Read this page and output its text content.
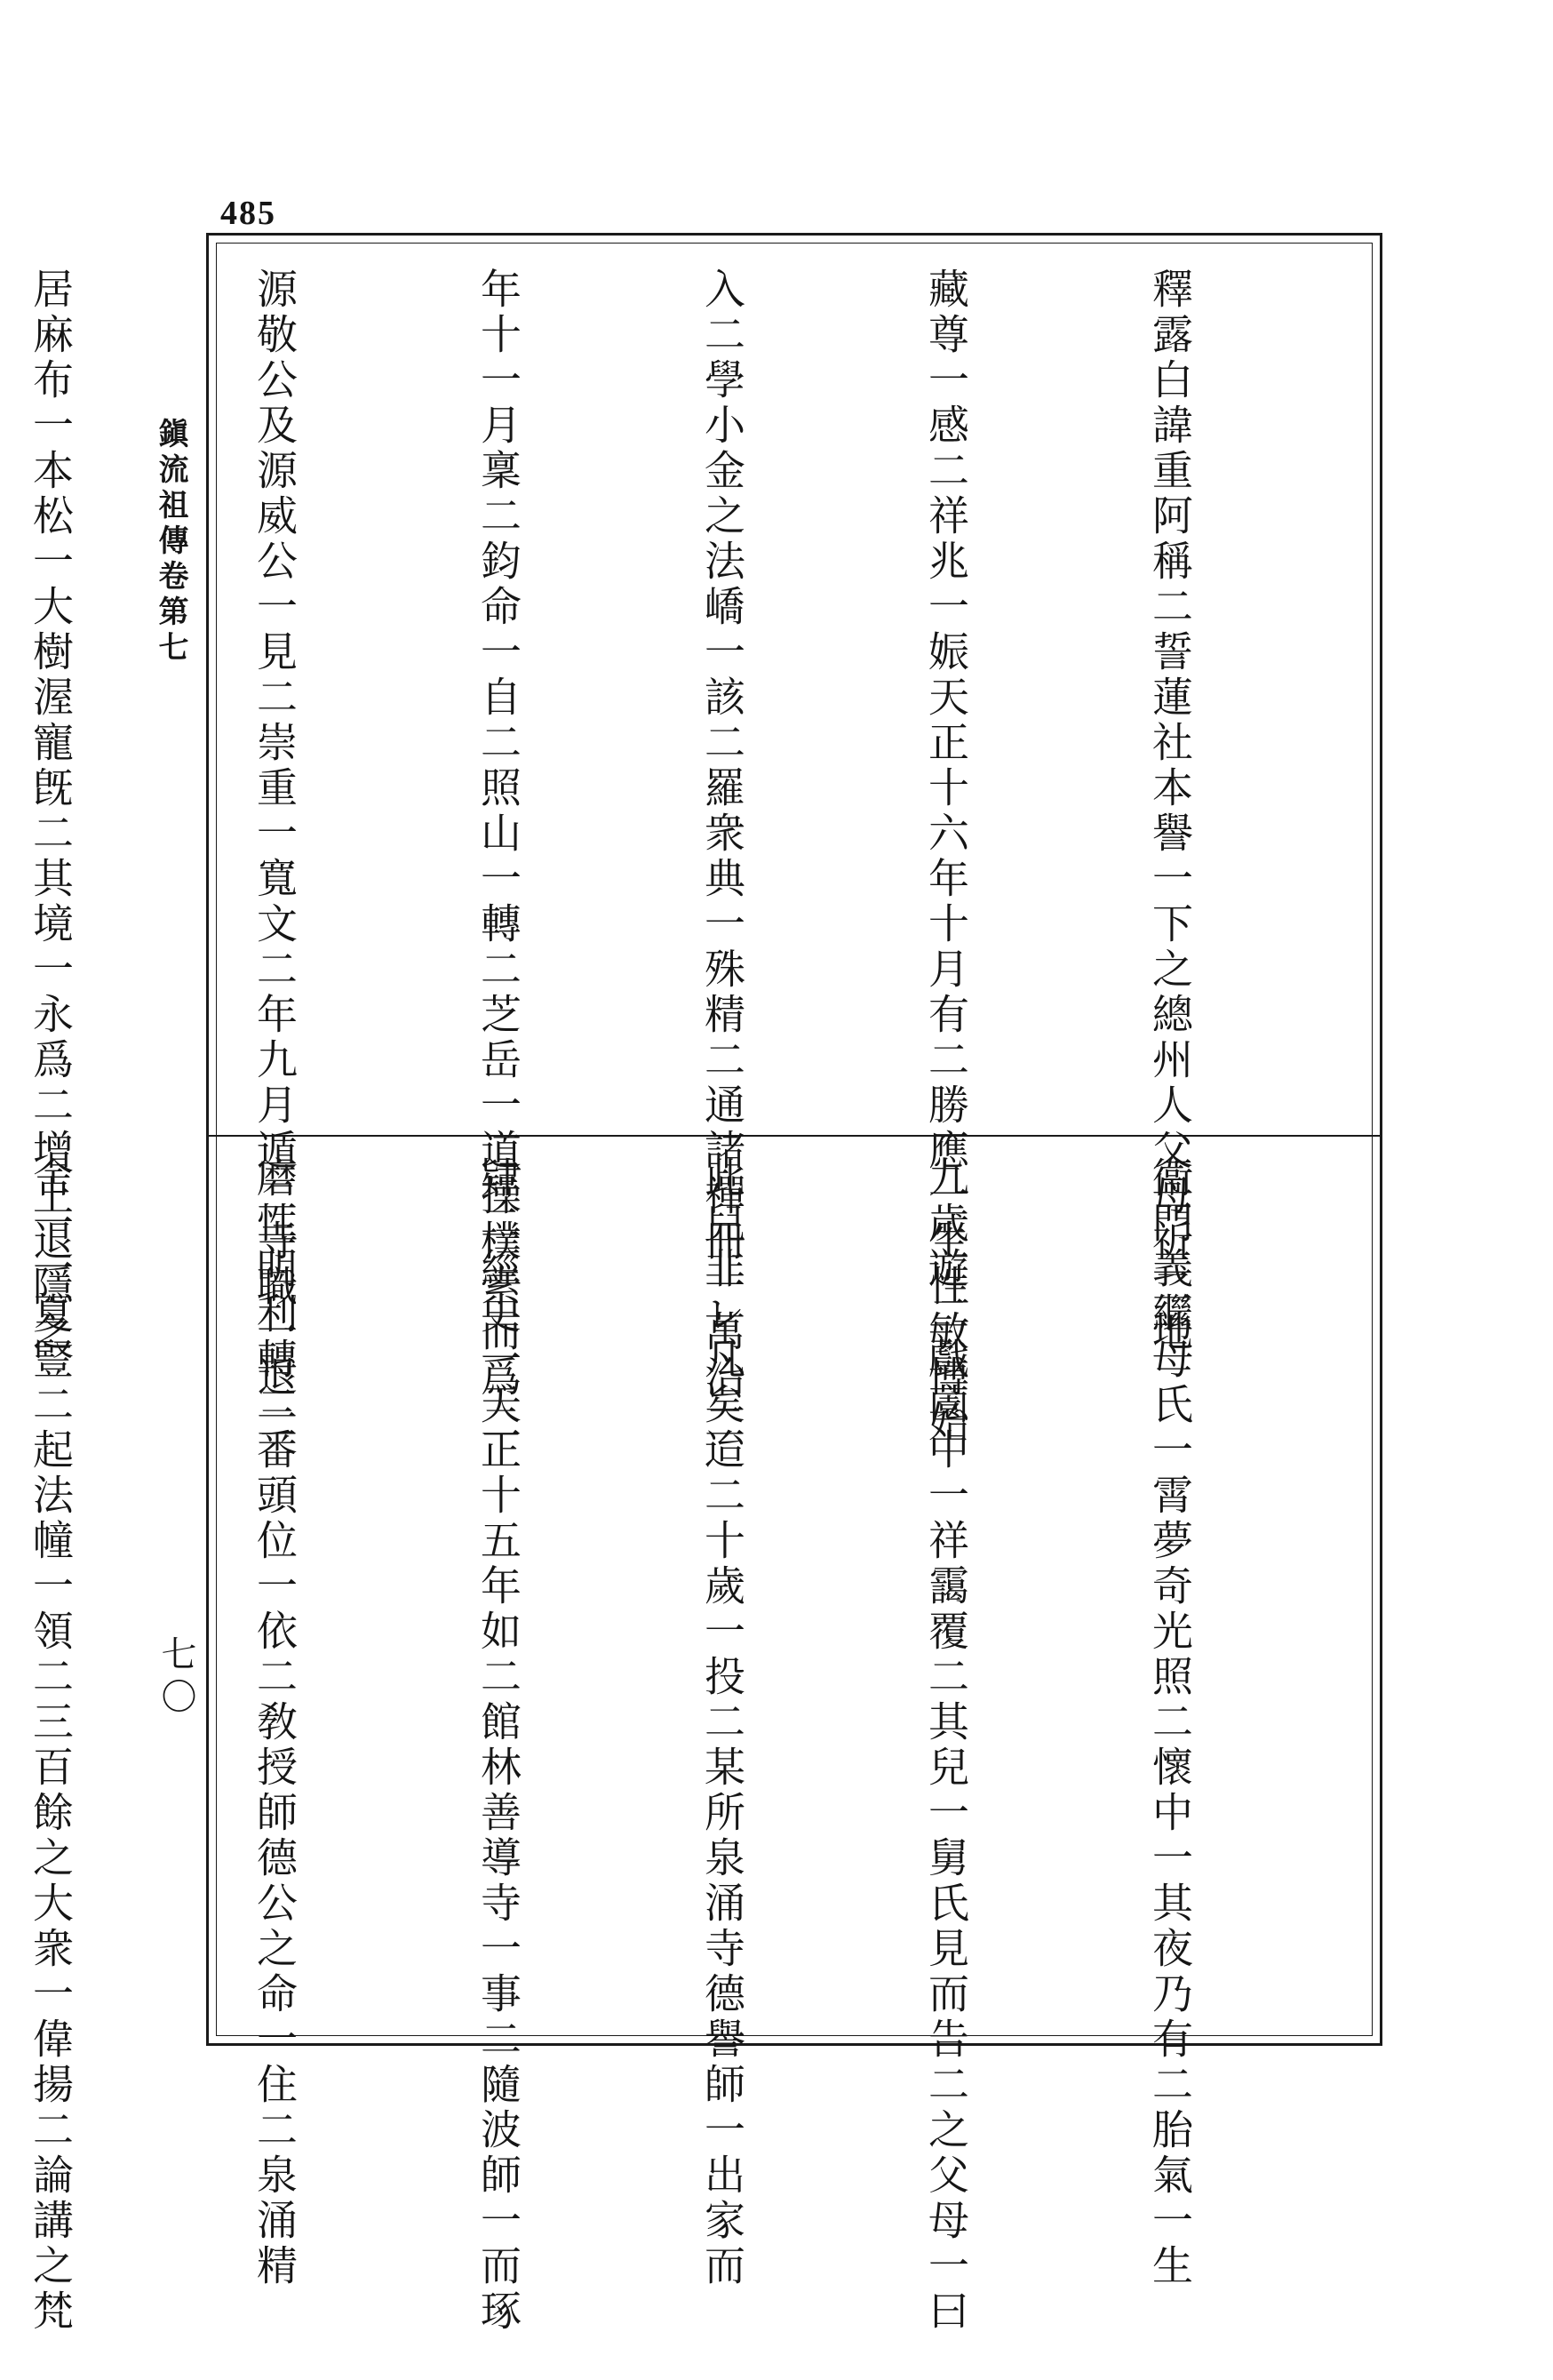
485
鎭流祖傳卷第七
七〇

釋露白諱重阿稱二誓蓮社本譽一下之總州人父母祈二地

藏尊一感二祥兆一娠天正十六年十月有二勝應一生性敏博始

入二學小金之法嶠一該二羅衆典一殊精二通諸禪冊一萬治二

年十一月稟二鈞命一自二照山一轉二芝岳一道操樸素而爲二

源敬公及源威公一見二崇重一寬文二年九月遁二寺職一退二

居麻布一本松一大樹渥寵旣二其境一永爲二增上退隱之

衞門義繼母氏一霄夢奇光照二懷中一其夜乃有二胎氣一生

九歲遊二戲薗中一祥靄覆二其兒一舅氏見而告二之父母一曰

此兒非レ凡矣迨二十歲一投二某所泉涌寺德譽師一出家而

肄二經史一天正十五年如二館林善導寺一事二隨波師一而琢

磨性明利轉二番頭位一依二敎授師德公之命一住二泉涌精

舍一一夏豎二起法幢一領二三百餘之大衆一偉揚二論講之梵
